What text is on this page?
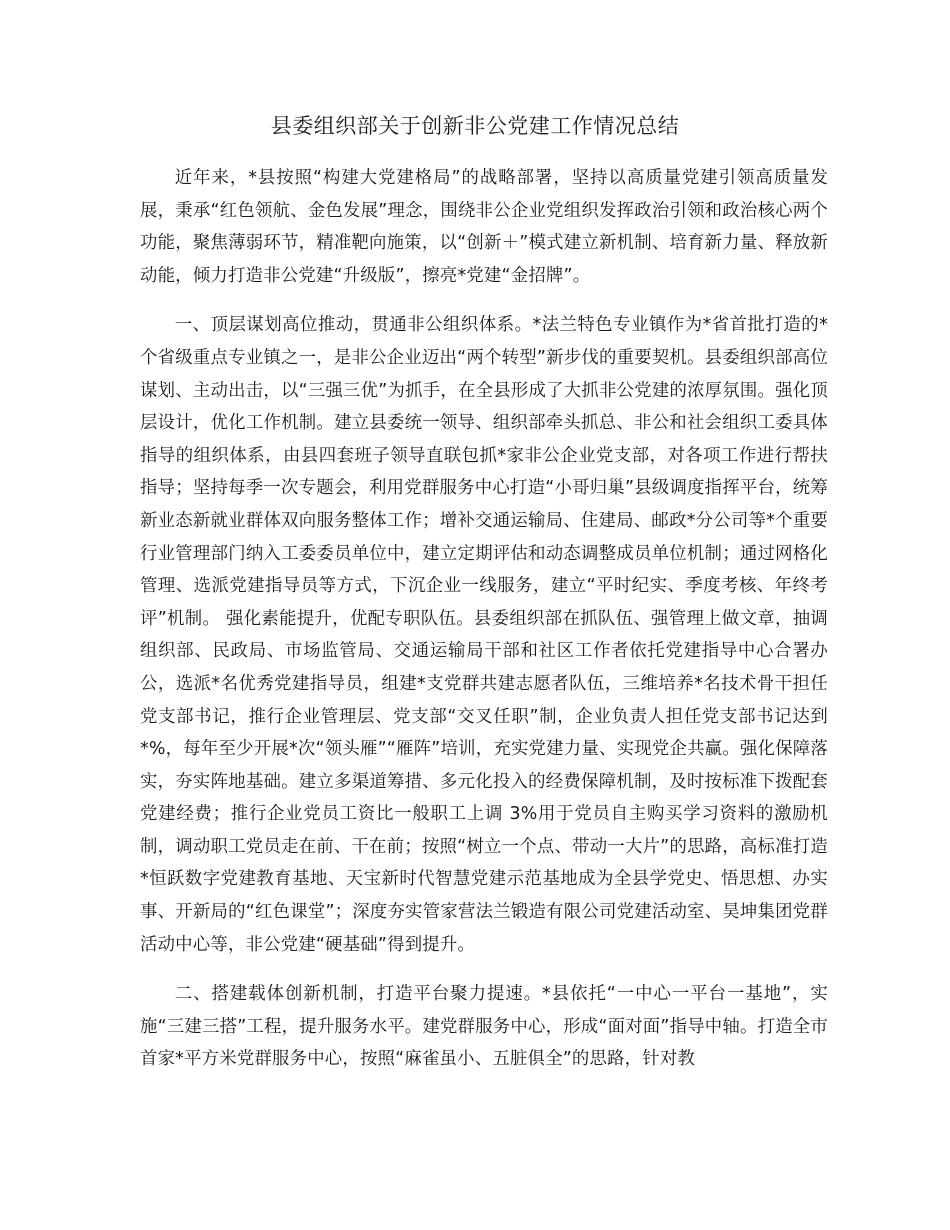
县委组织部关于创新非公党建工作情况总结

近年来，*县按照“构建大党建格局”的战略部署，坚持以高质量党建引领高质量发展，秉承“红色领航、金色发展”理念，围绕非公企业党组织发挥政治引领和政治核心两个功能，聚焦薄弱环节，精准靶向施策，以“创新＋”模式建立新机制、培育新力量、释放新动能，倾力打造非公党建“升级版”，擦亮*党建“金招牌”。

一、顶层谋划高位推动，贯通非公组织体系。*法兰特色专业镇作为*省首批打造的*个省级重点专业镇之一，是非公企业迈出“两个转型”新步伐的重要契机。县委组织部高位谋划、主动出击，以“三强三优”为抓手，在全县形成了大抓非公党建的浓厚氛围。强化顶层设计，优化工作机制。建立县委统一领导、组织部牵头抓总、非公和社会组织工委具体指导的组织体系，由县四套班子领导直联包抓*家非公企业党支部，对各项工作进行帮扶指导；坚持每季一次专题会，利用党群服务中心打造“小哥归巢”县级调度指挥平台，统筹新业态新就业群体双向服务整体工作；增补交通运输局、住建局、邮政*分公司等*个重要行业管理部门纳入工委委员单位中，建立定期评估和动态调整成员单位机制；通过网格化管理、选派党建指导员等方式，下沉企业一线服务，建立“平时纪实、季度考核、年终考评”机制。 强化素能提升，优配专职队伍。县委组织部在抓队伍、强管理上做文章，抽调组织部、民政局、市场监管局、交通运输局干部和社区工作者依托党建指导中心合署办公，选派*名优秀党建指导员，组建*支党群共建志愿者队伍，三维培养*名技术骨干担任党支部书记，推行企业管理层、党支部“交叉任职”制，企业负责人担任党支部书记达到*%，每年至少开展*次“领头雁”“雁阵”培训，充实党建力量、实现党企共赢。强化保障落实，夯实阵地基础。建立多渠道筹措、多元化投入的经费保障机制，及时按标准下拨配套党建经费；推行企业党员工资比一般职工上调 3%用于党员自主购买学习资料的激励机制，调动职工党员走在前、干在前；按照“树立一个点、带动一大片”的思路，高标准打造*恒跃数字党建教育基地、天宝新时代智慧党建示范基地成为全县学党史、悟思想、办实事、开新局的“红色课堂”；深度夯实管家营法兰锻造有限公司党建活动室、昊坤集团党群活动中心等，非公党建“硬基础”得到提升。

二、搭建载体创新机制，打造平台聚力提速。*县依托“一中心一平台一基地”，实施“三建三搭”工程，提升服务水平。建党群服务中心，形成“面对面”指导中轴。打造全市首家*平方米党群服务中心，按照“麻雀虽小、五脏俱全”的思路，针对教
